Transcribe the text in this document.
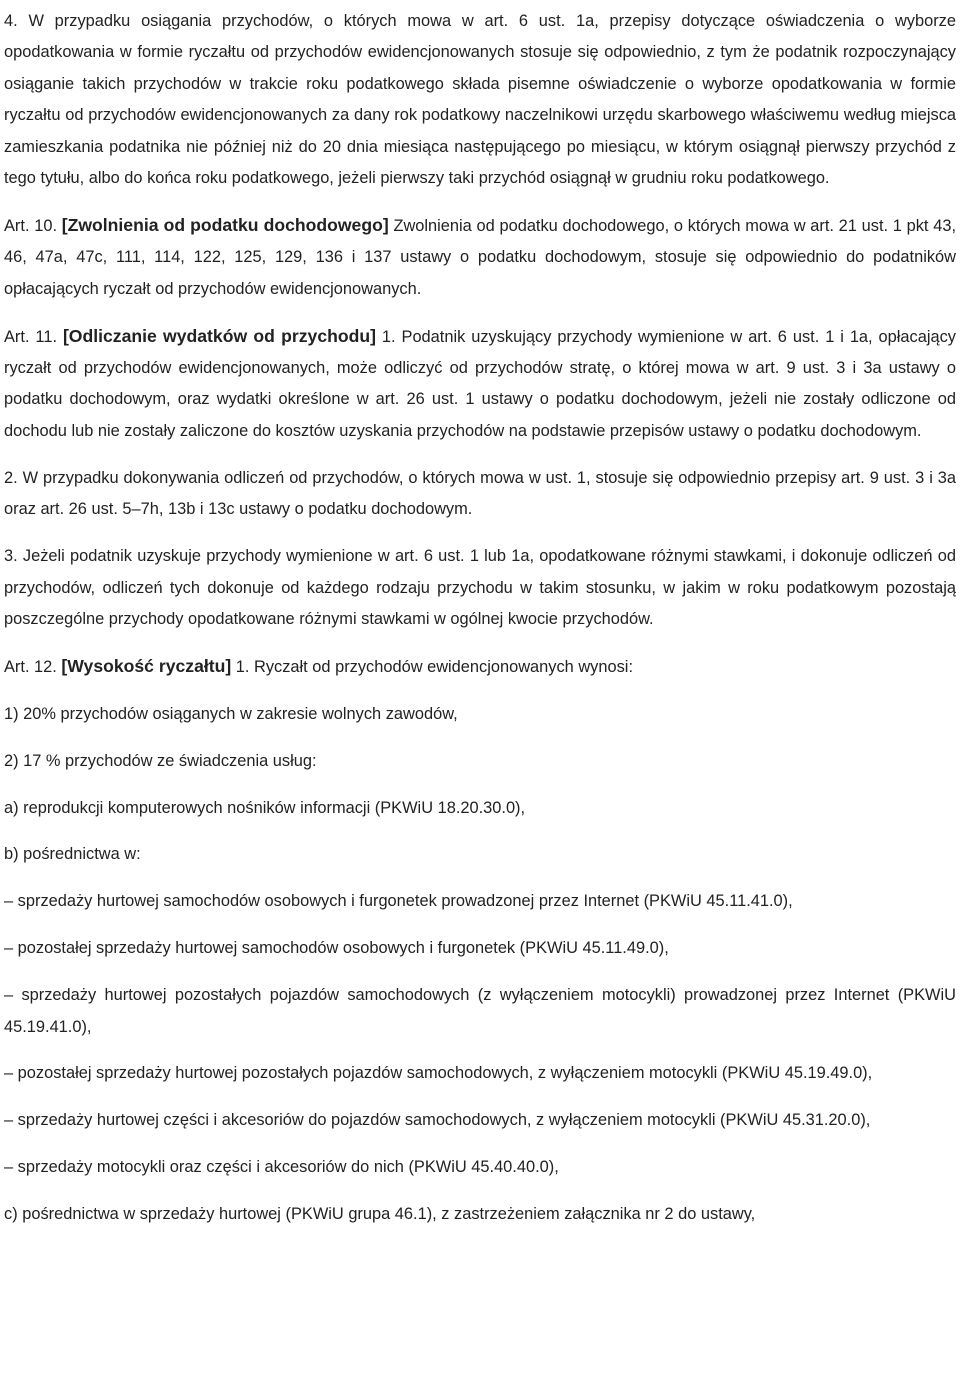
4. W przypadku osiągania przychodów, o których mowa w art. 6 ust. 1a, przepisy dotyczące oświadczenia o wyborze opodatkowania w formie ryczałtu od przychodów ewidencjonowanych stosuje się odpowiednio, z tym że podatnik rozpoczynający osiąganie takich przychodów w trakcie roku podatkowego składa pisemne oświadczenie o wyborze opodatkowania w formie ryczałtu od przychodów ewidencjonowanych za dany rok podatkowy naczelnikowi urzędu skarbowego właściwemu według miejsca zamieszkania podatnika nie później niż do 20 dnia miesiąca następującego po miesiącu, w którym osiągnął pierwszy przychód z tego tytułu, albo do końca roku podatkowego, jeżeli pierwszy taki przychód osiągnął w grudniu roku podatkowego.

Art. 10. [Zwolnienia od podatku dochodowego] Zwolnienia od podatku dochodowego, o których mowa w art. 21 ust. 1 pkt 43, 46, 47a, 47c, 111, 114, 122, 125, 129, 136 i 137 ustawy o podatku dochodowym, stosuje się odpowiednio do podatników opłacających ryczałt od przychodów ewidencjonowanych.

Art. 11. [Odliczanie wydatków od przychodu] 1. Podatnik uzyskujący przychody wymienione w art. 6 ust. 1 i 1a, opłacający ryczałt od przychodów ewidencjonowanych, może odliczyć od przychodów stratę, o której mowa w art. 9 ust. 3 i 3a ustawy o podatku dochodowym, oraz wydatki określone w art. 26 ust. 1 ustawy o podatku dochodowym, jeżeli nie zostały odliczone od dochodu lub nie zostały zaliczone do kosztów uzyskania przychodów na podstawie przepisów ustawy o podatku dochodowym.

2. W przypadku dokonywania odliczeń od przychodów, o których mowa w ust. 1, stosuje się odpowiednio przepisy art. 9 ust. 3 i 3a oraz art. 26 ust. 5–7h, 13b i 13c ustawy o podatku dochodowym.

3. Jeżeli podatnik uzyskuje przychody wymienione w art. 6 ust. 1 lub 1a, opodatkowane różnymi stawkami, i dokonuje odliczeń od przychodów, odliczeń tych dokonuje od każdego rodzaju przychodu w takim stosunku, w jakim w roku podatkowym pozostają poszczególne przychody opodatkowane różnymi stawkami w ogólnej kwocie przychodów.

Art. 12. [Wysokość ryczałtu] 1. Ryczałt od przychodów ewidencjonowanych wynosi:

1) 20% przychodów osiąganych w zakresie wolnych zawodów,

2) 17 % przychodów ze świadczenia usług:

a) reprodukcji komputerowych nośników informacji (PKWiU 18.20.30.0),

b) pośrednictwa w:

– sprzedaży hurtowej samochodów osobowych i furgonetek prowadzonej przez Internet (PKWiU 45.11.41.0),

– pozostałej sprzedaży hurtowej samochodów osobowych i furgonetek (PKWiU 45.11.49.0),

– sprzedaży hurtowej pozostałych pojazdów samochodowych (z wyłączeniem motocykli) prowadzonej przez Internet (PKWiU 45.19.41.0),

– pozostałej sprzedaży hurtowej pozostałych pojazdów samochodowych, z wyłączeniem motocykli (PKWiU 45.19.49.0),

– sprzedaży hurtowej części i akcesoriów do pojazdów samochodowych, z wyłączeniem motocykli (PKWiU 45.31.20.0),

– sprzedaży motocykli oraz części i akcesoriów do nich (PKWiU 45.40.40.0),

c) pośrednictwa w sprzedaży hurtowej (PKWiU grupa 46.1), z zastrzeżeniem załącznika nr 2 do ustawy,
